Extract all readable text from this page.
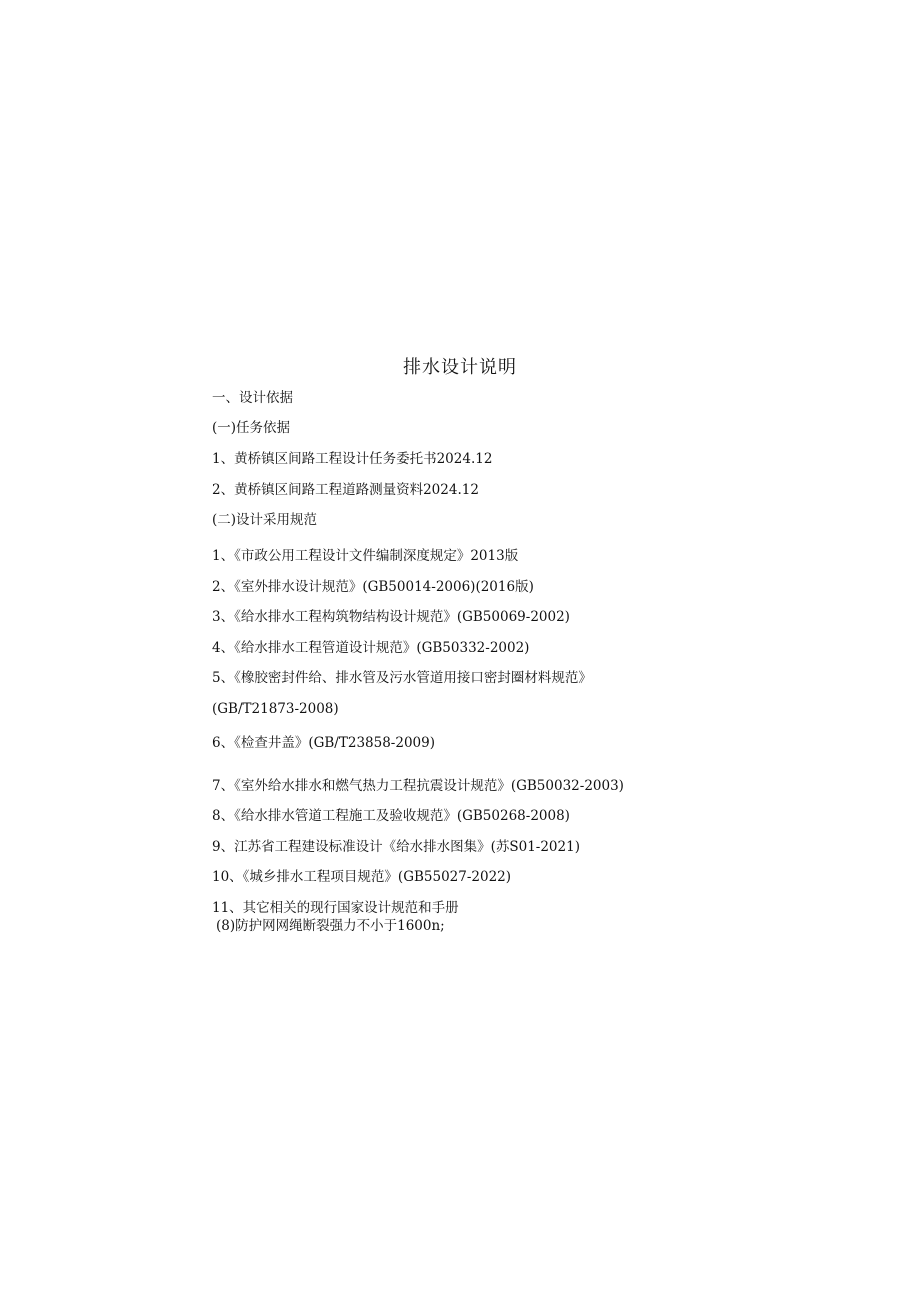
排水设计说明
一、设计依据
(一)任务依据
1、黄桥镇区间路工程设计任务委托书2024.12
2、黄桥镇区间路工程道路测量资料2024.12
(二)设计采用规范
1、《市政公用工程设计文件编制深度规定》2013版
2、《室外排水设计规范》(GB50014-2006)(2016版)
3、《给水排水工程构筑物结构设计规范》(GB50069-2002)
4、《给水排水工程管道设计规范》(GB50332-2002)
5、《橡胶密封件给、排水管及污水管道用接口密封圈材料规范》
(GB/T21873-2008)
6、《检查井盖》(GB/T23858-2009)
7、《室外给水排水和燃气热力工程抗震设计规范》(GB50032-2003)
8、《给水排水管道工程施工及验收规范》(GB50268-2008)
9、江苏省工程建设标准设计《给水排水图集》(苏S01-2021)
10、《城乡排水工程项目规范》(GB55027-2022)
11、其它相关的现行国家设计规范和手册
(8)防护网网绳断裂强力不小于1600n;
